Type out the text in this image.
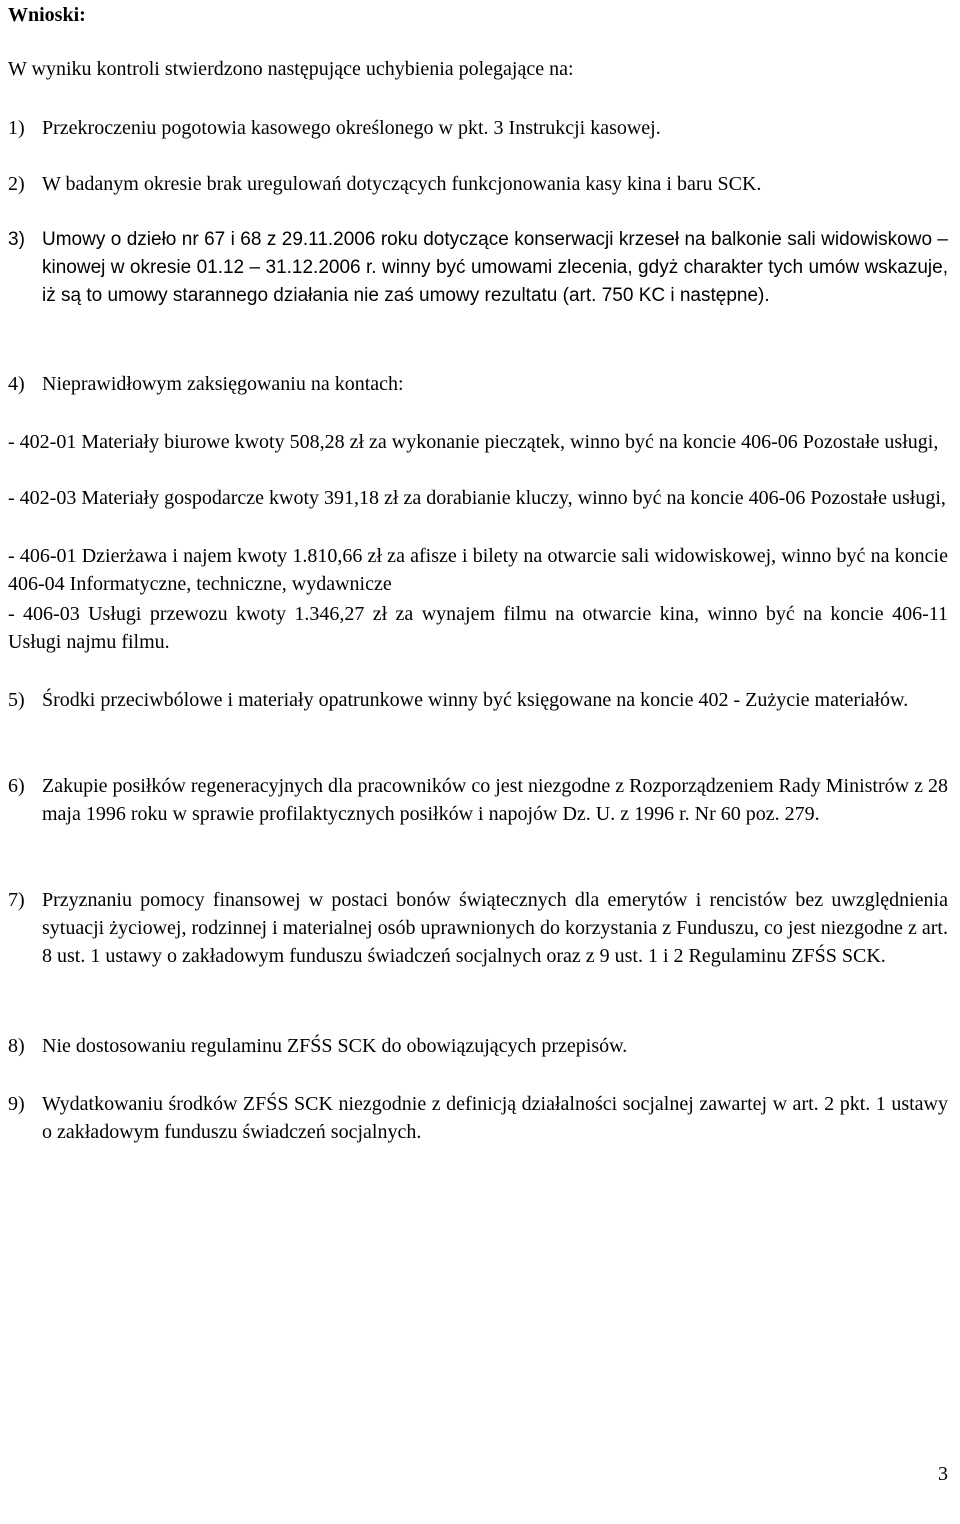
Wnioski:

W wyniku kontroli stwierdzono następujące uchybienia polegające na:

1) Przekroczeniu pogotowia kasowego określonego w pkt. 3 Instrukcji kasowej.
2) W badanym okresie brak uregulowań dotyczących funkcjonowania kasy kina i baru SCK.
3) Umowy o dzieło nr 67 i 68 z 29.11.2006 roku dotyczące konserwacji krzeseł na balkonie sali widowiskowo – kinowej w okresie 01.12 – 31.12.2006 r. winny być umowami zlecenia, gdyż charakter tych umów wskazuje, iż są to umowy starannego działania nie zaś umowy rezultatu (art. 750 KC i następne).
4) Nieprawidłowym zaksięgowaniu na kontach:
- 402-01 Materiały biurowe kwoty 508,28 zł za wykonanie pieczątek, winno być na koncie 406-06 Pozostałe usługi,
- 402-03 Materiały gospodarcze kwoty 391,18 zł za dorabianie kluczy, winno być na koncie 406-06 Pozostałe usługi,
- 406-01 Dzierżawa i najem kwoty 1.810,66 zł za afisze i bilety na otwarcie sali widowiskowej, winno być na koncie 406-04 Informatyczne, techniczne, wydawnicze
- 406-03 Usługi przewozu kwoty 1.346,27 zł za wynajem filmu na otwarcie kina, winno być na koncie 406-11 Usługi najmu filmu.
5) Środki przeciwbólowe i materiały opatrunkowe winny być księgowane na koncie 402 - Zużycie materiałów.
6) Zakupie posiłków regeneracyjnych dla pracowników co jest niezgodne z Rozporządzeniem Rady Ministrów z 28 maja 1996 roku w sprawie profilaktycznych posiłków i napojów Dz. U. z 1996 r. Nr 60 poz. 279.
7) Przyznaniu pomocy finansowej w postaci bonów świątecznych dla emerytów i rencistów bez uwzględnienia sytuacji życiowej, rodzinnej i materialnej osób uprawnionych do korzystania z Funduszu, co jest niezgodne z art. 8 ust. 1 ustawy o zakładowym funduszu świadczeń socjalnych oraz z 9 ust. 1 i 2 Regulaminu ZFŚS SCK.
8) Nie dostosowaniu regulaminu ZFŚS SCK do obowiązujących przepisów.
9) Wydatkowaniu środków ZFŚS SCK niezgodnie z definicją działalności socjalnej zawartej w art. 2 pkt. 1 ustawy o zakładowym funduszu świadczeń socjalnych.
3
